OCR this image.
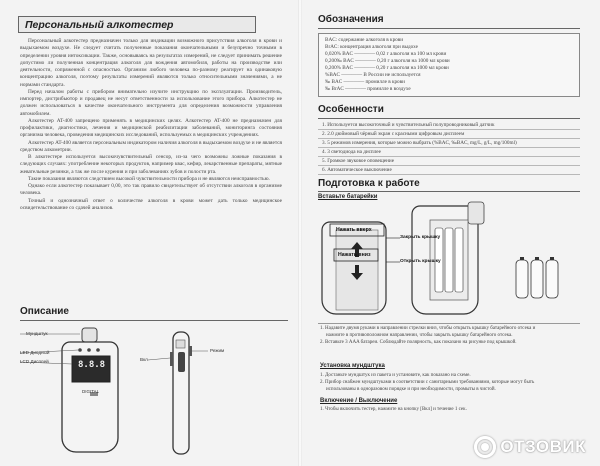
Персональный алкотестер

Персональный алкотестер предназначен только для индикации возможного присутствия алкоголя в крови и выдыхаемом воздухе. Не следует считать полученные показания окончательными и безупречно точными в определении уровня интоксикации. Также, основываясь на результатах измерений, не следует принимать решение допустимо ли полученная концентрация алкоголя для вождения автомобиля, работы на производстве или деятельности, сопряженной с опасностью. Организм любого человека по-разному реагирует на одинаковую концентрацию алкоголя, поэтому результаты измерений являются только относительными значениями, а не нормами стандарта.

Перед началом работы с прибором внимательно изучите инструкцию по эксплуатации. Производитель, импортер, дистрибьютор и продавец не несут ответственности за использование этого прибора. Алкотестер не должен использоваться в качестве окончательного инструмента для определения возможности управления автомобилем.

Алкотестер AT-400 запрещено применять в медицинских целях. Алкотестер AT-400 не предназначен для профилактики, диагностики, лечения и медицинской реабилитации заболеваний, мониторинга состояния организма человека, проведения медицинских исследований, используемых в медицинских учреждениях.

Алкотестер AT-400 является персональным индикатором наличия алкоголя в выдыхаемом воздухе и не является средством алкометрии.

В алкотестере используется высокочувствительный сенсор, из-за чего возможны ложные показания в следующих случаях: употребление некоторых продуктов, например квас, кефир, лекарственные препараты, мятные жевательные резинки, а так же после курения и при заболеваниях зубов и полости рта.

Такие показания являются следствием высокой чувствительности прибора и не являются неисправностью.

Однако если алкотестер показывает 0,00, это так правило свидетельствует об отсутствии алкоголя в организме человека.

Точный и однозначный ответ о количестве алкоголя в крови может дать только медицинское освидетельствование со сдачей анализов.

Описание
Мундштук
LED Диодный
LCD Дисплей	8.8.8
DIGITAL
Вкл
Режим
Обозначения
BAC: содержание алкоголя в крови
BrAC: концентрация алкоголя при выдохе
0,020% BAC ———— 0,02 г алкоголя на 100 мл крови
0,200‰ BAC ———— 0,20 г алкоголя на 1000 мл крови
0,200% BAC ———— 0,20 г алкоголя на 1000 мл крови
%BAC ———— В России не используется
‰ BAC ———— промилле в крови
‰ BrAC ———— промилле в воздухе
Особенности
1. Используется высокоточный и чувствительный полупроводниковый датчик
2. 2.0 дюймовый чёрный экран с красными цифровым дисплеем
3. 5 режимов измерения, которые можно выбрать (%BAC, ‰BAC, mg/L, g/L, mg/100ml)
4. 3 светодиода на дисплее
5. Громкое звуковое оповещение
6. Автоматическое выключение
Подготовка к работе
Вставьте батарейки
Нажать вверх
Нажать вниз
Закрыть крышку
Открыть крышку
1. Надавите двумя руками в направлении стрелки вниз, чтобы открыть крышку батарейного отсека и
нажмите в противоположном направлении, чтобы закрыть крышку батарейного отсека.
2. Вставьте 3 AAA батареи. Соблюдайте полярность, как показано на рисунке под крышкой.
Установка мундштука
1. Достаньте мундштук из пакета и установите, как показано на схеме.
2. Прибор снабжен мундштуками в соответствии с санитарными требованиями, которые могут быть
использованы в одноразовом порядке и при необходимости, промыты в чистой.
Включение / Выключение
1. Чтобы включить тестер, нажмите на кнопку [Вкл] и течение 1 сек.
ОТЗОВИК
